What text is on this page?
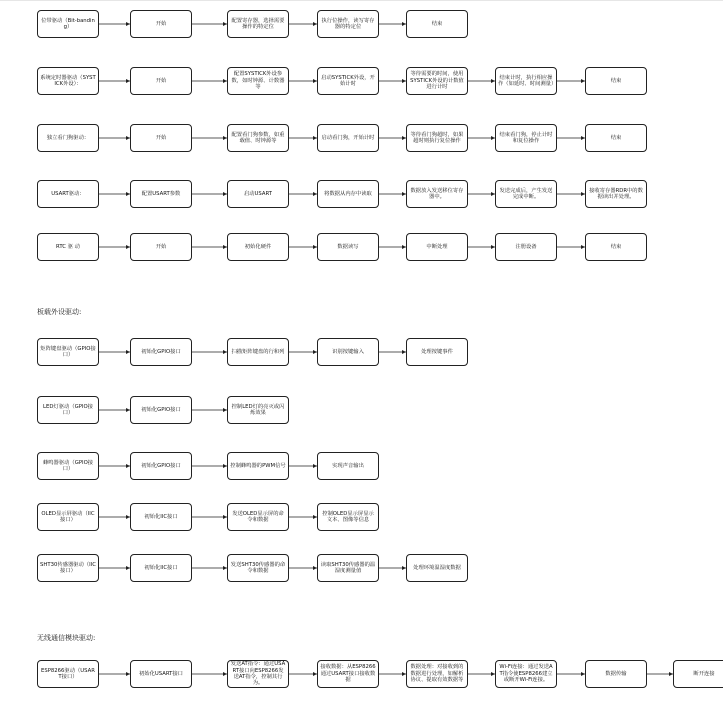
板载外设驱动:
无线通信模块驱动:
位带驱动（Bit-banding）
开始
配置寄存器，选择需要操作的特定位
执行位操作，读写寄存器的特定位
结束
系统定时器驱动（SYSTICK外设）：
开始
配置SYSTICK外设参数，如时钟源、计数器等
启动SYSTICK外设，开始计时
等待需要的时间，使用SYSTICK外设的计数值进行计时
结束计时，执行相应操作（如延时、时间测量）
结束
独立看门狗驱动：	开始
配置看门狗参数，如重载值、时钟源等
启动看门狗，开始计时
等待看门狗超时，如果超时则执行复位操作
结束看门狗，停止计时和复位操作
结束
USART驱动：	配置USART参数	启动USART	将数据从内存中读取
数据放入发送移位寄存器中。
发送完成后，产生发送完成中断。
接收寄存器RDR中的数据读出并处理。
RTC 驱 动	开始	初始化硬件	数据读写	中断处理	注册设备	结束
矩阵键盘驱动（GPIO接口）
初始化GPIO接口	扫描矩阵键盘的行和列	识别按键输入	处理按键事件
LED灯驱动（GPIO接口）
初始化GPIO接口
控制LED灯的亮灭或闪烁效果
蜂鸣器驱动（GPIO接口）
初始化GPIO接口	控制蜂鸣器的PWM信号	实现声音输出
OLED显示屏驱动（IIC接口）
初始化IIC接口
发送OLED显示屏的命令和数据
控制OLED显示屏显示文本、图像等信息
SHT30传感器驱动（IIC接口）
初始化IIC接口
发送SHT30传感器的命令和数据
读取SHT30传感器的温湿度测量值
处理环境温湿度数据
ESP8266驱动（USART接口）
初始化USART接口
发送AT指令：通过USART接口向ESP8266发送AT指令，控制其行为。
接收数据：从ESP8266通过USART接口接收数据
数据处理：对接收到的数据进行处理，如解析协议、提取有效数据等
Wi-Fi连接：通过发送AT指令使ESP8266建立或断开Wi-Fi连接。
数据传输	断开连接
